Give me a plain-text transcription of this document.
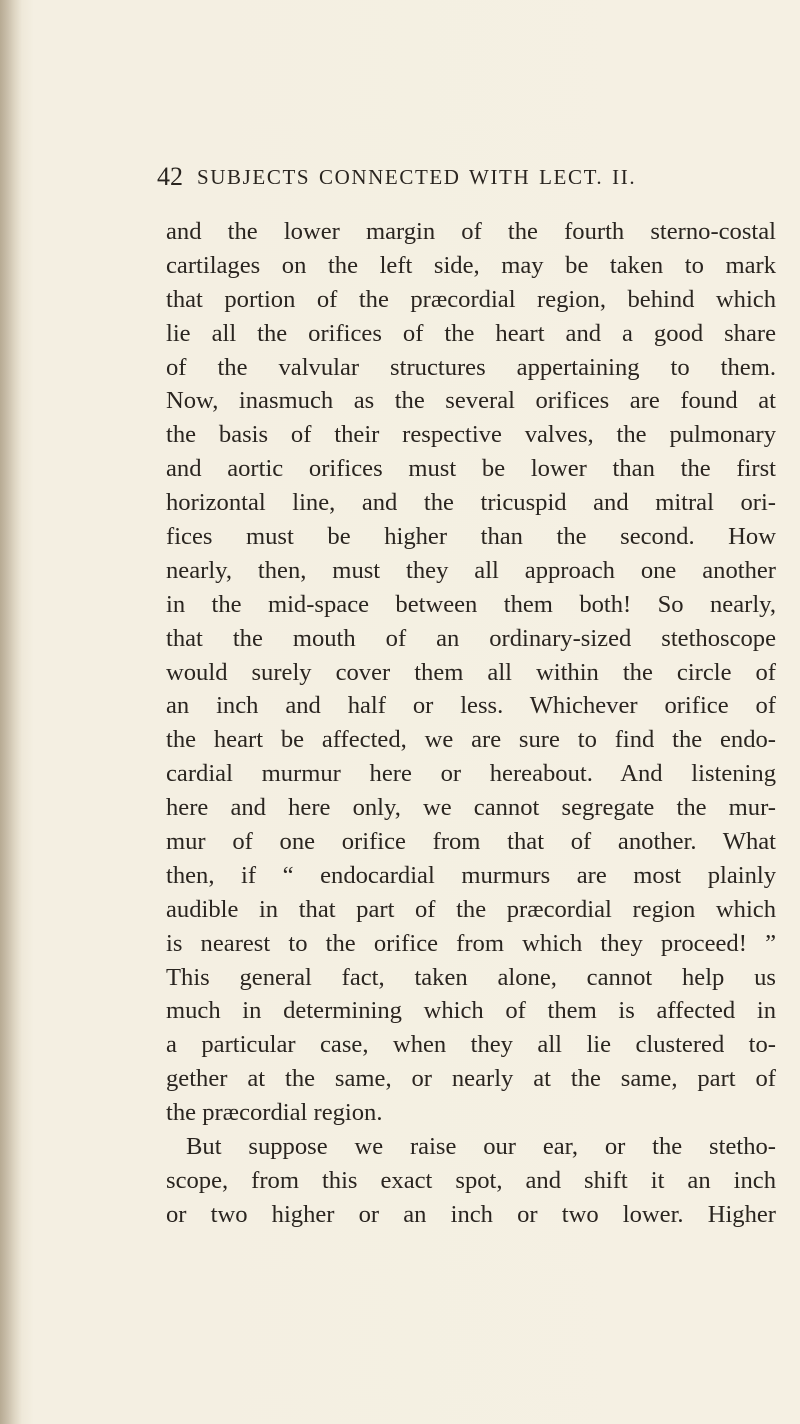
42 SUBJECTS CONNECTED WITH LECT. II.
and the lower margin of the fourth sterno-costal
cartilages on the left side, may be taken to mark
that portion of the præcordial region, behind which
lie all the orifices of the heart and a good share
of the valvular structures appertaining to them.
Now, inasmuch as the several orifices are found at
the basis of their respective valves, the pulmonary
and aortic orifices must be lower than the first
horizontal line, and the tricuspid and mitral ori-
fices must be higher than the second. How
nearly, then, must they all approach one another
in the mid-space between them both! So nearly,
that the mouth of an ordinary-sized stethoscope
would surely cover them all within the circle of
an inch and half or less. Whichever orifice of
the heart be affected, we are sure to find the endo-
cardial murmur here or hereabout. And listening
here and here only, we cannot segregate the mur-
mur of one orifice from that of another. What
then, if “ endocardial murmurs are most plainly
audible in that part of the præcordial region which
is nearest to the orifice from which they proceed! ”
This general fact, taken alone, cannot help us
much in determining which of them is affected in
a particular case, when they all lie clustered to-
gether at the same, or nearly at the same, part of
the præcordial region.
But suppose we raise our ear, or the stetho-
scope, from this exact spot, and shift it an inch
or two higher or an inch or two lower. Higher
